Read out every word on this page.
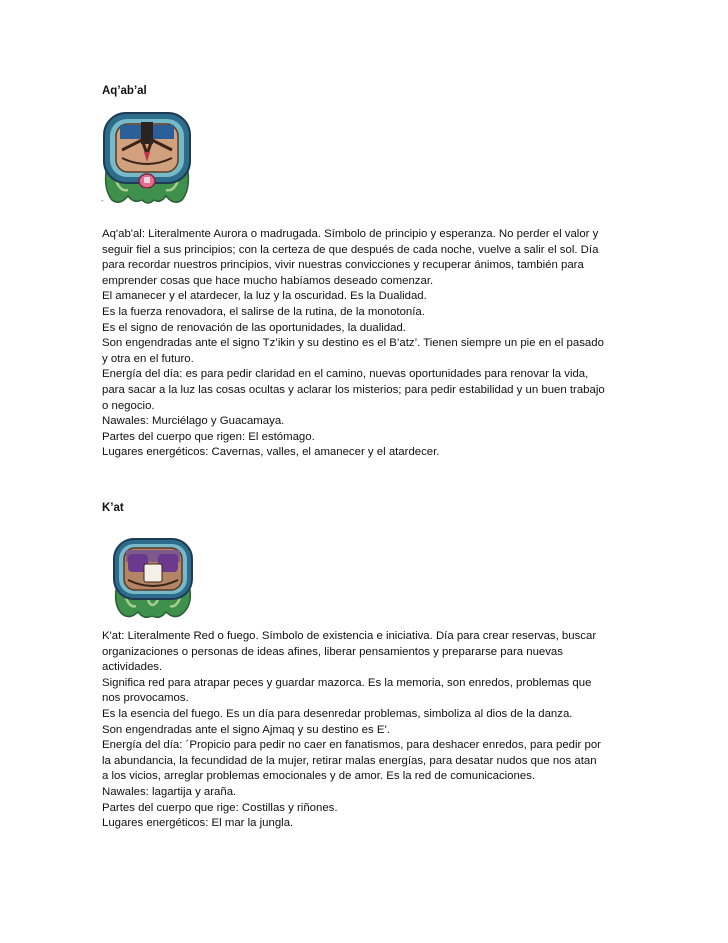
Aq’ab’al
-

Aq'ab'al: Literalmente Aurora o madrugada. Símbolo de principio y esperanza. No perder el valor y

seguir fiel a sus principios; con la certeza de que después de cada noche, vuelve a salir el sol. Día

para recordar nuestros principios, vivir nuestras convicciones y recuperar ánimos, también para

emprender cosas que hace mucho habíamos deseado comenzar.

El amanecer y el atardecer, la luz y la oscuridad. Es la Dualidad.

Es la fuerza renovadora, el salirse de la rutina, de la monotonía.

Es el signo de renovación de las oportunidades, la dualidad.

Son engendradas ante el signo Tz’ikin y su destino es el B’atz’. Tienen siempre un pie en el pasado

y otra en el futuro.

Energía del día: es para pedir claridad en el camino, nuevas oportunidades para renovar la vida,

para sacar a la luz las cosas ocultas y aclarar los misterios; para pedir estabilidad y un buen trabajo

o negocio.

Nawales: Murciélago y Guacamaya.

Partes del cuerpo que rigen: El estómago.

Lugares energéticos: Cavernas, valles, el amanecer y el atardecer.

K’at

K'at: Literalmente Red o fuego. Símbolo de existencia e iniciativa. Día para crear reservas, buscar

organizaciones o personas de ideas afines, liberar pensamientos y prepararse para nuevas

actividades.

Significa red para atrapar peces y guardar mazorca. Es la memoria, son enredos, problemas que

nos provocamos.

Es la esencia del fuego. Es un día para desenredar problemas, simboliza al dios de la danza.

Son engendradas ante el signo Ajmaq y su destino es E’.

Energía del día: ´Propicio para pedir no caer en fanatismos, para deshacer enredos, para pedir por

la abundancia, la fecundidad de la mujer, retirar malas energías, para desatar nudos que nos atan

a los vicios, arreglar problemas emocionales y de amor. Es la red de comunicaciones.

Nawales: lagartija y araña.

Partes del cuerpo que rige: Costillas y riñones.

Lugares energéticos: El mar la jungla.
